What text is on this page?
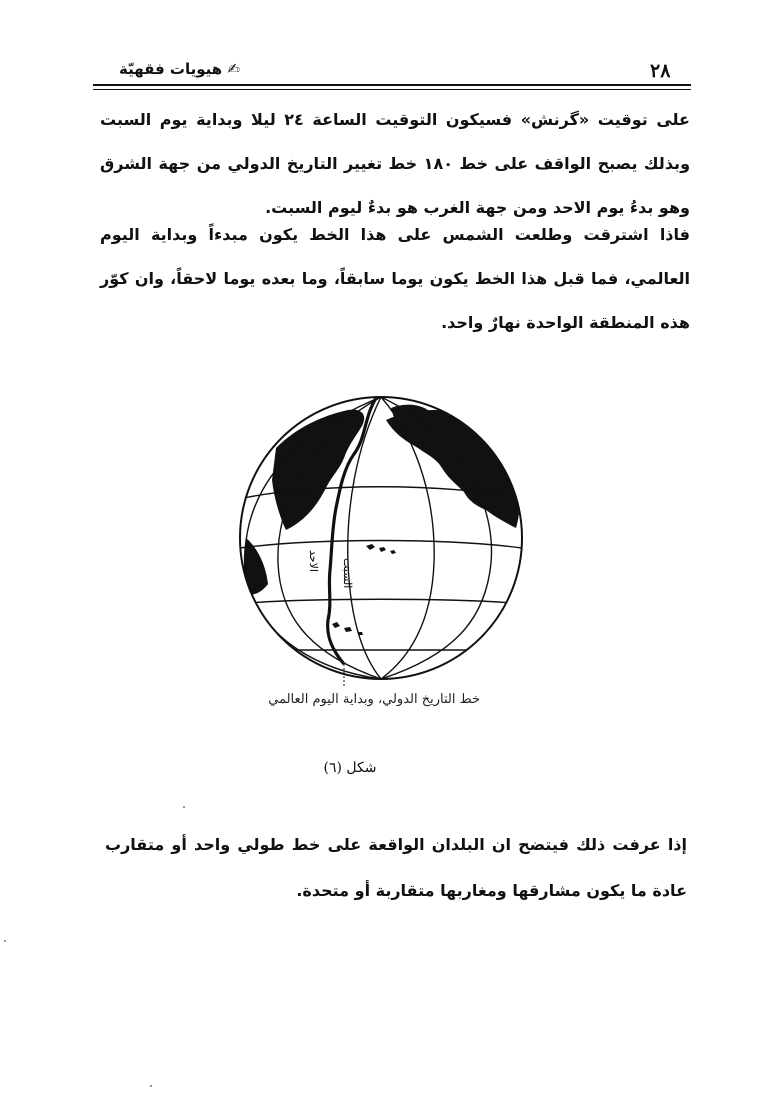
٢٨
✍ هيويات فقهيّة

على توقيت «گرنش» فسيكون التوقيت الساعة ٢٤ ليلا وبداية يوم السبت وبذلك يصبح الواقف على خط ١٨٠ خط تغيير التاريخ الدولي من جهة الشرق وهو بدءُ يوم الاحد ومن جهة الغرب هو بدءٌ ليوم السبت.

فاذا اشترقت وطلعت الشمس على هذا الخط يكون مبدءاً وبداية اليوم العالمي، فما قبل هذا الخط يكون يوما سابقاً، وما بعده يوما لاحقاً، وان كوّر هذه المنطقة الواحدة نهارٌ واحد.

الاحد السبت
خط التاريخ الدولي، وبداية اليوم العالمي
شكل (٦)

إذا عرفت ذلك فيتضح ان البلدان الواقعة على خط طولي واحد أو متقارب عادة ما يكون مشارقها ومغاربها متقاربة أو متحدة.
